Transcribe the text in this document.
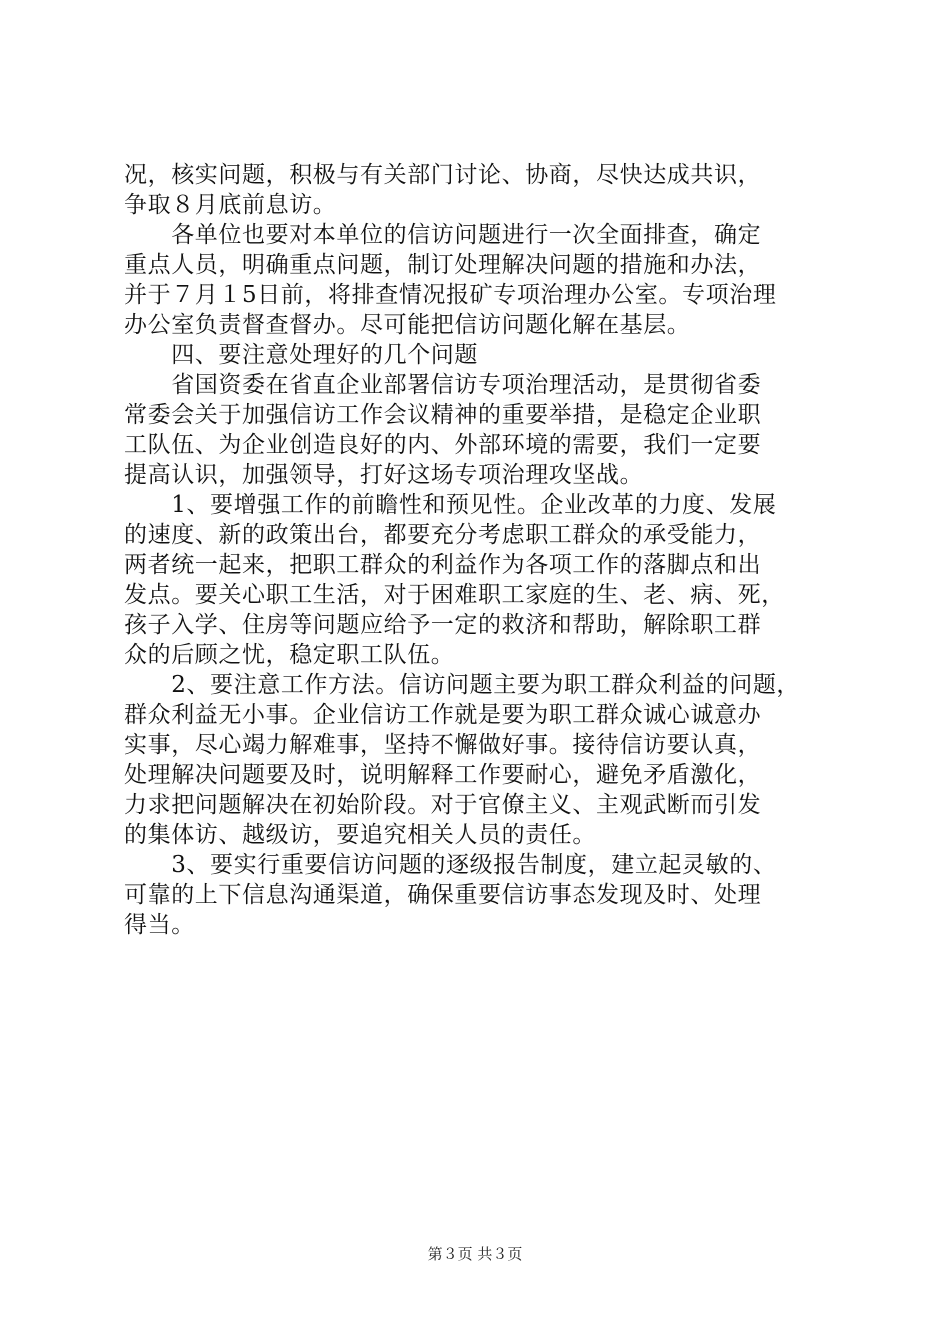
况，核实问题，积极与有关部门讨论、协商，尽快达成共识，
争取８月底前息访。
　　各单位也要对本单位的信访问题进行一次全面排查，确定
重点人员，明确重点问题，制订处理解决问题的措施和办法，
并于７月１5日前，将排查情况报矿专项治理办公室。专项治理
办公室负责督查督办。尽可能把信访问题化解在基层。
　　四、要注意处理好的几个问题
　　省国资委在省直企业部署信访专项治理活动，是贯彻省委
常委会关于加强信访工作会议精神的重要举措，是稳定企业职
工队伍、为企业创造良好的内、外部环境的需要，我们一定要
提高认识，加强领导，打好这场专项治理攻坚战。
　　1、要增强工作的前瞻性和预见性。企业改革的力度、发展
的速度、新的政策出台，都要充分考虑职工群众的承受能力，
两者统一起来，把职工群众的利益作为各项工作的落脚点和出
发点。要关心职工生活，对于困难职工家庭的生、老、病、死，
孩子入学、住房等问题应给予一定的救济和帮助，解除职工群
众的后顾之忧，稳定职工队伍。
　　2、要注意工作方法。信访问题主要为职工群众利益的问题，
群众利益无小事。企业信访工作就是要为职工群众诚心诚意办
实事，尽心竭力解难事，坚持不懈做好事。接待信访要认真，
处理解决问题要及时，说明解释工作要耐心，避免矛盾激化，
力求把问题解决在初始阶段。对于官僚主义、主观武断而引发
的集体访、越级访，要追究相关人员的责任。
　　3、要实行重要信访问题的逐级报告制度，建立起灵敏的、
可靠的上下信息沟通渠道，确保重要信访事态发现及时、处理
得当。
第３页 共３页
